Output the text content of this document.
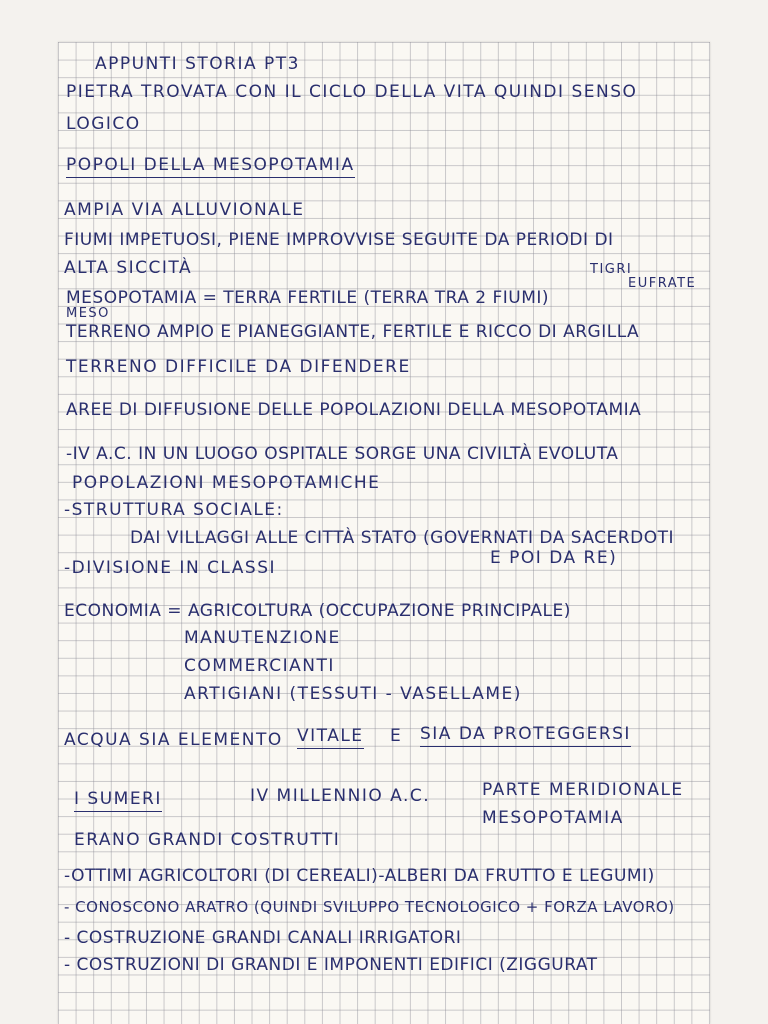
APPUNTI STORIA PT3
PIETRA TROVATA CON IL CICLO DELLA VITA QUINDI SENSO
LOGICO
POPOLI DELLA MESOPOTAMIA
AMPIA VIA ALLUVIONALE
FIUMI IMPETUOSI, PIENE IMPROVVISE SEGUITE DA PERIODI DI
ALTA SICCITÀ	TIGRI
EUFRATE
MESOPOTAMIA = TERRA FERTILE (TERRA TRA 2 FIUMI)
MESO
TERRENO AMPIO E PIANEGGIANTE, FERTILE E RICCO DI ARGILLA
TERRENO DIFFICILE DA DIFENDERE
AREE DI DIFFUSIONE DELLE POPOLAZIONI DELLA MESOPOTAMIA
-IV A.C. IN UN LUOGO OSPITALE SORGE UNA CIVILTÀ EVOLUTA
POPOLAZIONI MESOPOTAMICHE
-STRUTTURA SOCIALE:
DAI VILLAGGI ALLE CITTÀ STATO (GOVERNATI DA SACERDOTI
E POI DA RE)
-DIVISIONE IN CLASSI
ECONOMIA = AGRICOLTURA (OCCUPAZIONE PRINCIPALE)
MANUTENZIONE
COMMERCIANTI
ARTIGIANI (TESSUTI - VASELLAME)
ACQUA SIA ELEMENTO VITALE E SIA DA PROTEGGERSI
I SUMERI	IV MILLENNIO A.C.	PARTE MERIDIONALE
MESOPOTAMIA
ERANO GRANDI COSTRUTTI
-OTTIMI AGRICOLTORI (DI CEREALI)-ALBERI DA FRUTTO E LEGUMI)
- CONOSCONO ARATRO (QUINDI SVILUPPO TECNOLOGICO + FORZA LAVORO)
- COSTRUZIONE GRANDI CANALI IRRIGATORI
- COSTRUZIONI DI GRANDI E IMPONENTI EDIFICI (ZIGGURAT
